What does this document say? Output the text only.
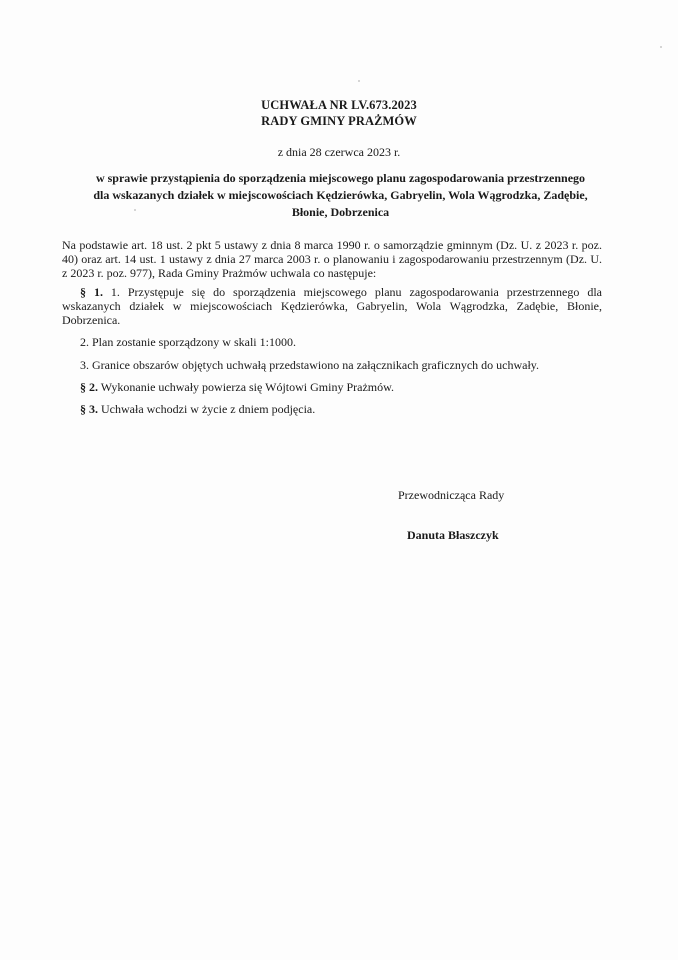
UCHWAŁA NR LV.673.2023
RADY GMINY PRAŻMÓW
z dnia 28 czerwca 2023 r.
w sprawie przystąpienia do sporządzenia miejscowego planu zagospodarowania przestrzennego dla wskazanych działek w miejscowościach Kędzierówka, Gabryelin, Wola Wągrodzka, Zadębie, Błonie, Dobrzenica
Na podstawie art. 18 ust. 2 pkt 5 ustawy z dnia 8 marca 1990 r. o samorządzie gminnym (Dz. U. z 2023 r. poz. 40) oraz art. 14 ust. 1 ustawy z dnia 27 marca 2003 r. o planowaniu i zagospodarowaniu przestrzennym (Dz. U. z 2023 r. poz. 977), Rada Gminy Prażmów uchwala co następuje:
§ 1. 1. Przystępuje się do sporządzenia miejscowego planu zagospodarowania przestrzennego dla wskazanych działek w miejscowościach Kędzierówka, Gabryelin, Wola Wągrodzka, Zadębie, Błonie, Dobrzenica.
2. Plan zostanie sporządzony w skali 1:1000.
3. Granice obszarów objętych uchwałą przedstawiono na załącznikach graficznych do uchwały.
§ 2. Wykonanie uchwały powierza się Wójtowi Gminy Prażmów.
§ 3. Uchwała wchodzi w życie z dniem podjęcia.
Przewodnicząca Rady
Danuta Błaszczyk
